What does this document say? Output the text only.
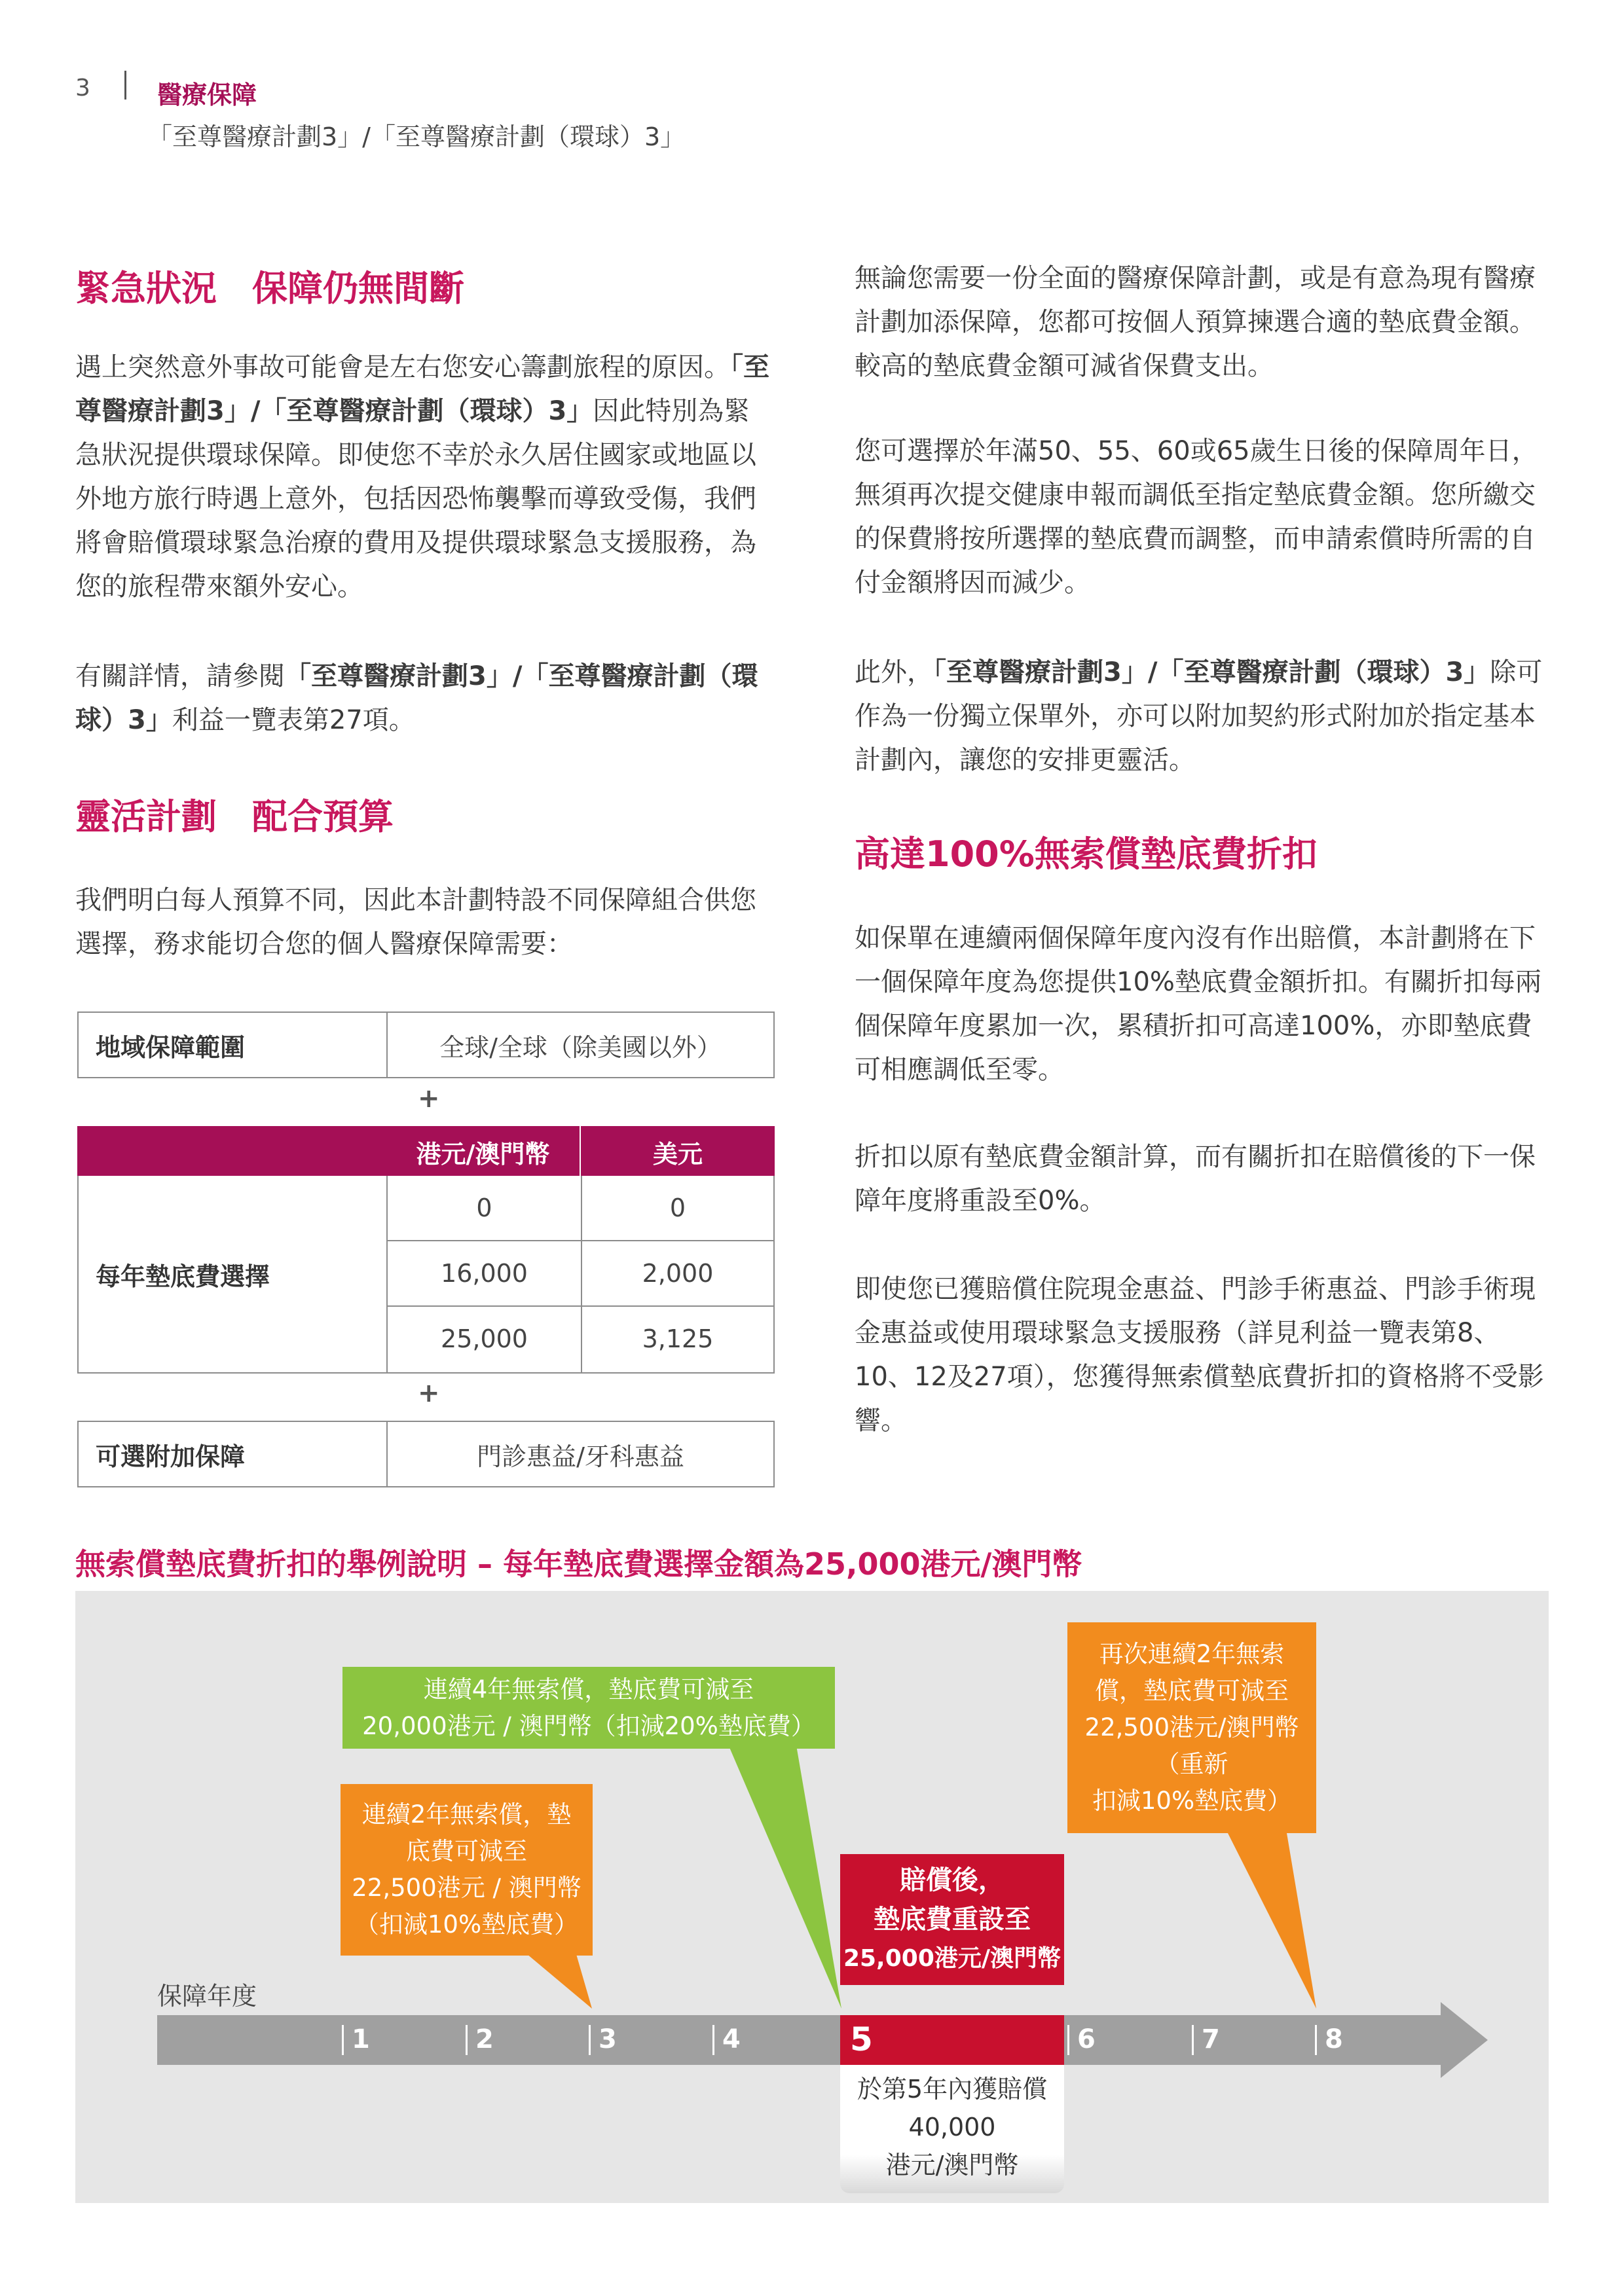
3	醫療保障
「至尊醫療計劃3」/「至尊醫療計劃（環球）3」
緊急狀況　保障仍無間斷
遇上突然意外事故可能會是左右您安心籌劃旅程的原因。「至尊醫療計劃3」/「至尊醫療計劃（環球）3」因此特別為緊急狀況提供環球保障。即使您不幸於永久居住國家或地區以外地方旅行時遇上意外，包括因恐怖襲擊而導致受傷，我們將會賠償環球緊急治療的費用及提供環球緊急支援服務，為您的旅程帶來額外安心。
有關詳情，請參閱「至尊醫療計劃3」/「至尊醫療計劃（環球）3」利益一覽表第27項。
靈活計劃　配合預算
我們明白每人預算不同，因此本計劃特設不同保障組合供您選擇，務求能切合您的個人醫療保障需要：
地域保障範圍	全球/全球（除美國以外）
+
港元/澳門幣	美元
每年墊底費選擇
0	0
16,000	2,000
25,000	3,125
+
可選附加保障	門診惠益/牙科惠益
無論您需要一份全面的醫療保障計劃，或是有意為現有醫療計劃加添保障，您都可按個人預算揀選合適的墊底費金額。較高的墊底費金額可減省保費支出。
您可選擇於年滿50、55、60或65歲生日後的保障周年日，無須再次提交健康申報而調低至指定墊底費金額。您所繳交的保費將按所選擇的墊底費而調整，而申請索償時所需的自付金額將因而減少。
此外，「至尊醫療計劃3」/「至尊醫療計劃（環球）3」除可作為一份獨立保單外，亦可以附加契約形式附加於指定基本計劃內，讓您的安排更靈活。
高達100%無索償墊底費折扣
如保單在連續兩個保障年度內沒有作出賠償，本計劃將在下一個保障年度為您提供10%墊底費金額折扣。有關折扣每兩個保障年度累加一次，累積折扣可高達100%，亦即墊底費可相應調低至零。
折扣以原有墊底費金額計算，而有關折扣在賠償後的下一保障年度將重設至0%。
即使您已獲賠償住院現金惠益、門診手術惠益、門診手術現金惠益或使用環球緊急支援服務（詳見利益一覽表第8、10、12及27項），您獲得無索償墊底費折扣的資格將不受影響。
無索償墊底費折扣的舉例說明 – 每年墊底費選擇金額為25,000港元/澳門幣
連續4年無索償，墊底費可減至
20,000港元 / 澳門幣（扣減20%墊底費）
連續2年無索償，墊
底費可減至
22,500港元 / 澳門幣
（扣減10%墊底費）
再次連續2年無索
償，墊底費可減至
22,500港元/澳門幣
（重新
扣減10%墊底費）
賠償後，
墊底費重設至
25,000港元/澳門幣
保障年度
1	2	3	4	5	6	7	8
於第5年內獲賠償
40,000
港元/澳門幣
